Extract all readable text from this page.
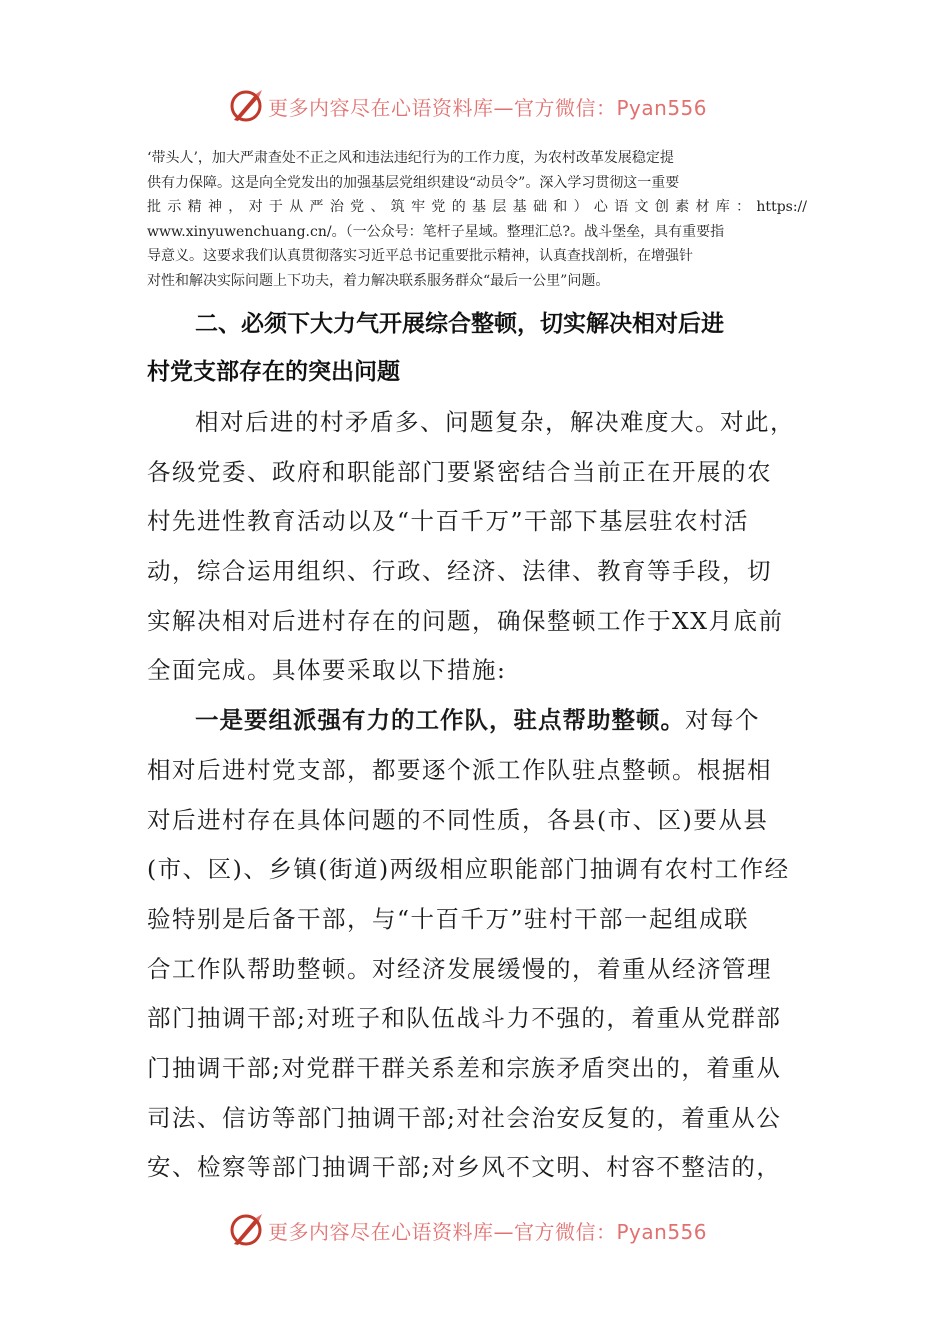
更多内容尽在心语资料库—官方微信：Pyan556

‘带头人’，加大严肃查处不正之风和违法违纪行为的工作力度，为农村改革发展稳定提

供有力保障。这是向全党发出的加强基层党组织建设“动员令”。深入学习贯彻这一重要

批示精神，对于从严治党、筑牢党的基层基础和）心语文创素材库：https://

www.xinyuwenchuang.cn/。（一公众号：笔杆子星域。整理汇总?。战斗堡垒，具有重要指

导意义。这要求我们认真贯彻落实习近平总书记重要批示精神，认真查找剖析，在增强针

对性和解决实际问题上下功夫，着力解决联系服务群众“最后一公里”问题。

二、必须下大力气开展综合整顿，切实解决相对后进
村党支部存在的突出问题
相对后进的村矛盾多、问题复杂，解决难度大。对此，
各级党委、政府和职能部门要紧密结合当前正在开展的农
村先进性教育活动以及“十百千万”干部下基层驻农村活
动，综合运用组织、行政、经济、法律、教育等手段，切
实解决相对后进村存在的问题，确保整顿工作于XX月底前
全面完成。具体要采取以下措施:
一是要组派强有力的工作队，驻点帮助整顿。对每个
相对后进村党支部，都要逐个派工作队驻点整顿。根据相
对后进村存在具体问题的不同性质，各县(市、区)要从县
(市、区)、乡镇(街道)两级相应职能部门抽调有农村工作经
验特别是后备干部，与“十百千万”驻村干部一起组成联
合工作队帮助整顿。对经济发展缓慢的，着重从经济管理
部门抽调干部;对班子和队伍战斗力不强的，着重从党群部
门抽调干部;对党群干群关系差和宗族矛盾突出的，着重从
司法、信访等部门抽调干部;对社会治安反复的，着重从公
安、检察等部门抽调干部;对乡风不文明、村容不整洁的，
更多内容尽在心语资料库—官方微信：Pyan556
